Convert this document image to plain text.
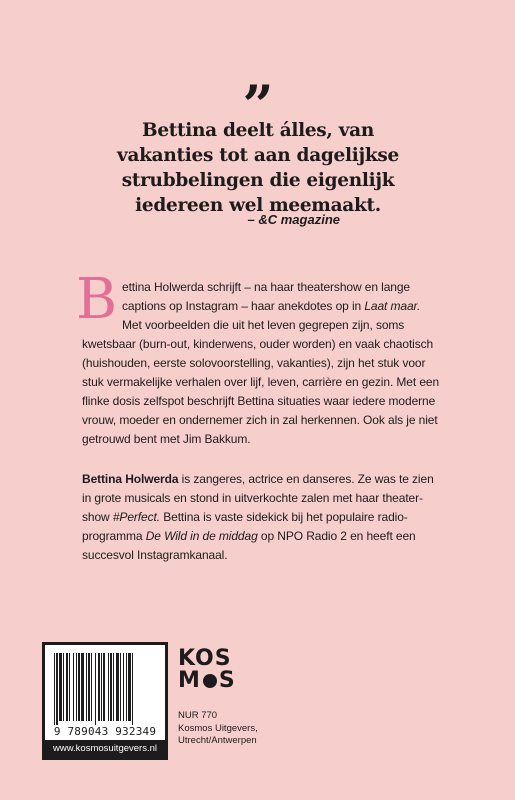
”
Bettina deelt álles, van
vakanties tot aan dagelijkse
strubbelingen die eigenlijk
iedereen wel meemaakt.
– &C magazine
B ettina Holwerda schrijft – na haar theatershow en lange
captions op Instagram – haar anekdotes op in Laat maar.
Met voorbeelden die uit het leven gegrepen zijn, soms
kwetsbaar (burn-out, kinderwens, ouder worden) en vaak chaotisch
(huishouden, eerste solovoorstelling, vakanties), zijn het stuk voor
stuk vermakelijke verhalen over lijf, leven, carrière en gezin. Met een
flinke dosis zelfspot beschrijft Bettina situaties waar iedere moderne
vrouw, moeder en ondernemer zich in zal herkennen. Ook als je niet
getrouwd bent met Jim Bakkum.
Bettina Holwerda is zangeres, actrice en danseres. Ze was te zien
in grote musicals en stond in uitverkochte zalen met haar theater-
show #Perfect. Bettina is vaste sidekick bij het populaire radio-
programma De Wild in de middag op NPO Radio 2 en heeft een
succesvol Instagramkanaal.
9 789043 932349
www.kosmosuitgevers.nl
KOS
M S
NUR 770
Kosmos Uitgevers,
Utrecht/Antwerpen
